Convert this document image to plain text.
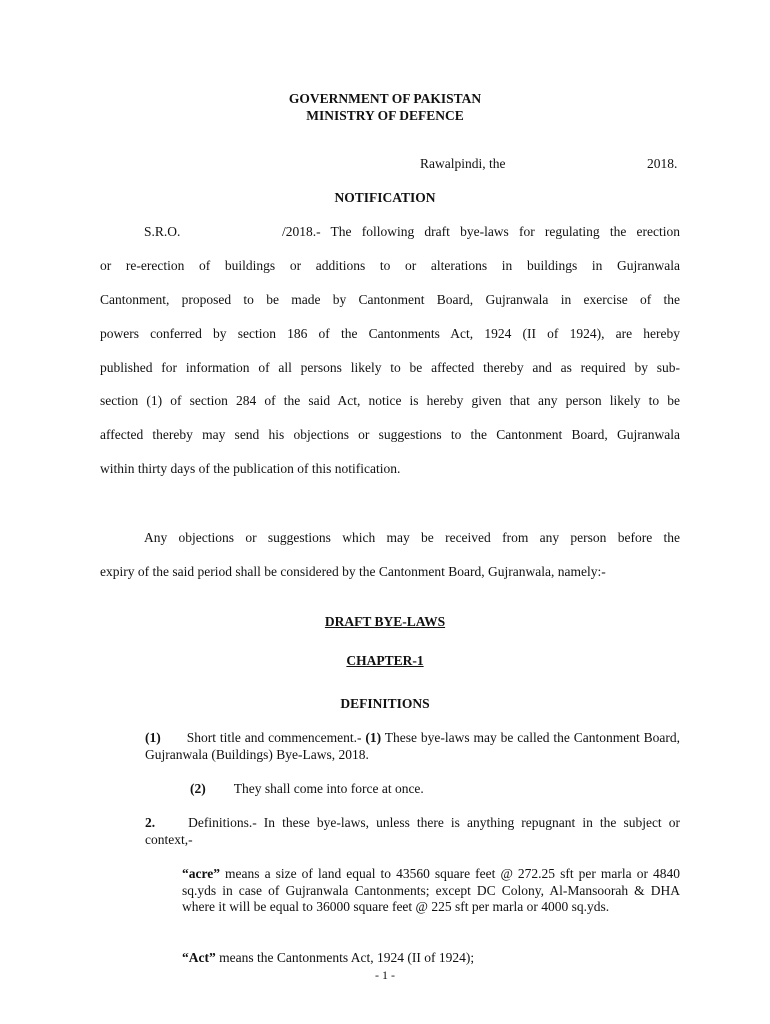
GOVERNMENT OF PAKISTAN
MINISTRY OF DEFENCE
Rawalpindi, the	2018.
NOTIFICATION
S.R.O.	/2018.- The following draft bye-laws for regulating the erection
or re-erection of buildings or additions to or alterations in buildings in Gujranwala
Cantonment, proposed to be made by Cantonment Board, Gujranwala in exercise of the
powers conferred by section 186 of the Cantonments Act, 1924 (II of 1924), are hereby
published for information of all persons likely to be affected thereby and as required by sub-
section (1) of section 284 of the said Act, notice is hereby given that any person likely to be
affected thereby may send his objections or suggestions to the Cantonment Board, Gujranwala
within thirty days of the publication of this notification.
Any objections or suggestions which may be received from any person before the
expiry of the said period shall be considered by the Cantonment Board, Gujranwala, namely:-
DRAFT BYE-LAWS
CHAPTER-1
DEFINITIONS
(1) Short title and commencement.- (1) These bye-laws may be called the Cantonment Board, Gujranwala (Buildings) Bye-Laws, 2018.
(2) They shall come into force at once.
2. Definitions.- In these bye-laws, unless there is anything repugnant in the subject or context,-
“acre” means a size of land equal to 43560 square feet @ 272.25 sft per marla or 4840 sq.yds in case of Gujranwala Cantonments; except DC Colony, Al-Mansoorah & DHA where it will be equal to 36000 square feet @ 225 sft per marla or 4000 sq.yds.
“Act” means the Cantonments Act, 1924 (II of 1924);
- 1 -
